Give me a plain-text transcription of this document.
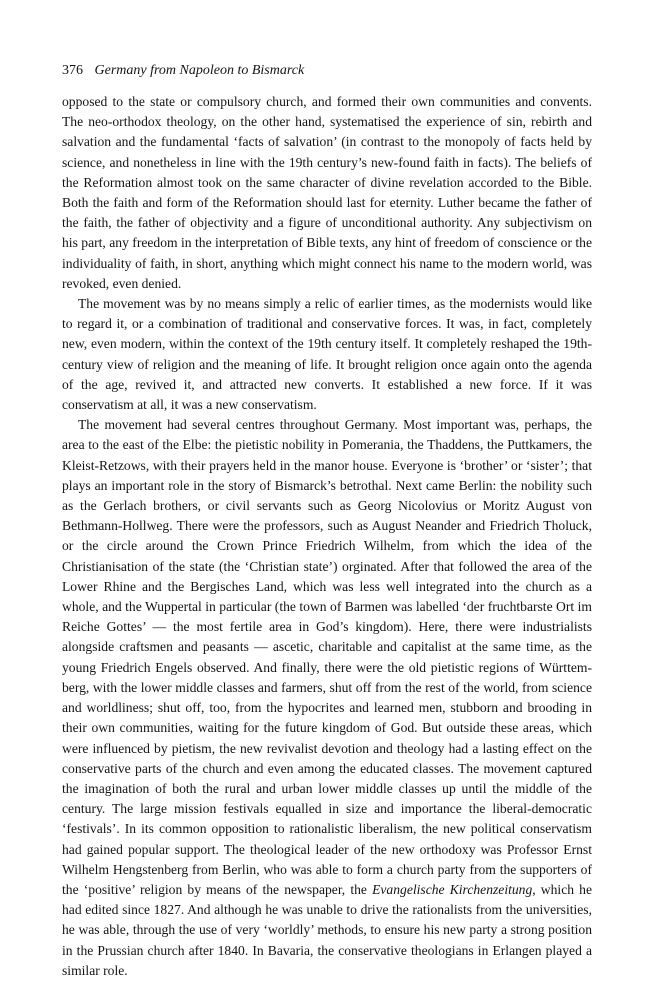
376 Germany from Napoleon to Bismarck

opposed to the state or compulsory church, and formed their own communities and convents. The neo-orthodox theology, on the other hand, systematised the experience of sin, rebirth and salvation and the fundamental ‘facts of salvation’ (in contrast to the monopoly of facts held by science, and nonetheless in line with the 19th century’s new-found faith in facts). The beliefs of the Reformation almost took on the same character of divine revelation accorded to the Bible. Both the faith and form of the Reformation should last for eternity. Luther became the father of the faith, the father of objectivity and a figure of unconditional authority. Any subjectivism on his part, any freedom in the interpretation of Bible texts, any hint of freedom of conscience or the individuality of faith, in short, anything which might connect his name to the modern world, was revoked, even denied.

The movement was by no means simply a relic of earlier times, as the modernists would like to regard it, or a combination of traditional and conservative forces. It was, in fact, completely new, even modern, within the context of the 19th century itself. It completely reshaped the 19th-century view of religion and the meaning of life. It brought religion once again onto the agenda of the age, revived it, and attracted new converts. It established a new force. If it was conservatism at all, it was a new conservatism.

The movement had several centres throughout Germany. Most important was, perhaps, the area to the east of the Elbe: the pietistic nobility in Pomerania, the Thaddens, the Puttkamers, the Kleist-Retzows, with their prayers held in the manor house. Everyone is ‘brother’ or ‘sister’; that plays an important role in the story of Bismarck’s betrothal. Next came Berlin: the nobility such as the Gerlach brothers, or civil servants such as Georg Nicolovius or Moritz August von Bethmann-Hollweg. There were the professors, such as August Neander and Friedrich Tholuck, or the circle around the Crown Prince Friedrich Wilhelm, from which the idea of the Christianisation of the state (the ‘Christian state’) orginated. After that followed the area of the Lower Rhine and the Bergisches Land, which was less well integrated into the church as a whole, and the Wuppertal in particular (the town of Barmen was labelled ‘der fruchtbarste Ort im Reiche Gottes’ — the most fertile area in God’s kingdom). Here, there were industrialists alongside craftsmen and peasants — ascetic, charitable and capitalist at the same time, as the young Friedrich Engels observed. And finally, there were the old pietistic regions of Württemberg, with the lower middle classes and farmers, shut off from the rest of the world, from science and worldliness; shut off, too, from the hypocrites and learned men, stubborn and brooding in their own communities, waiting for the future kingdom of God. But outside these areas, which were influenced by pietism, the new revivalist devotion and theology had a lasting effect on the conservative parts of the church and even among the educated classes. The movement captured the imagination of both the rural and urban lower middle classes up until the middle of the century. The large mission festivals equalled in size and importance the liberal-democratic ‘festivals’. In its common opposition to rationalistic liberalism, the new political conservatism had gained popular support. The theological leader of the new orthodoxy was Professor Ernst Wilhelm Hengstenberg from Berlin, who was able to form a church party from the supporters of the ‘positive’ religion by means of the newspaper, the Evangelische Kirchenzeitung, which he had edited since 1827. And although he was unable to drive the rationalists from the universities, he was able, through the use of very ‘worldly’ methods, to ensure his new party a strong position in the Prussian church after 1840. In Bavaria, the conservative theologians in Erlangen played a similar role.
